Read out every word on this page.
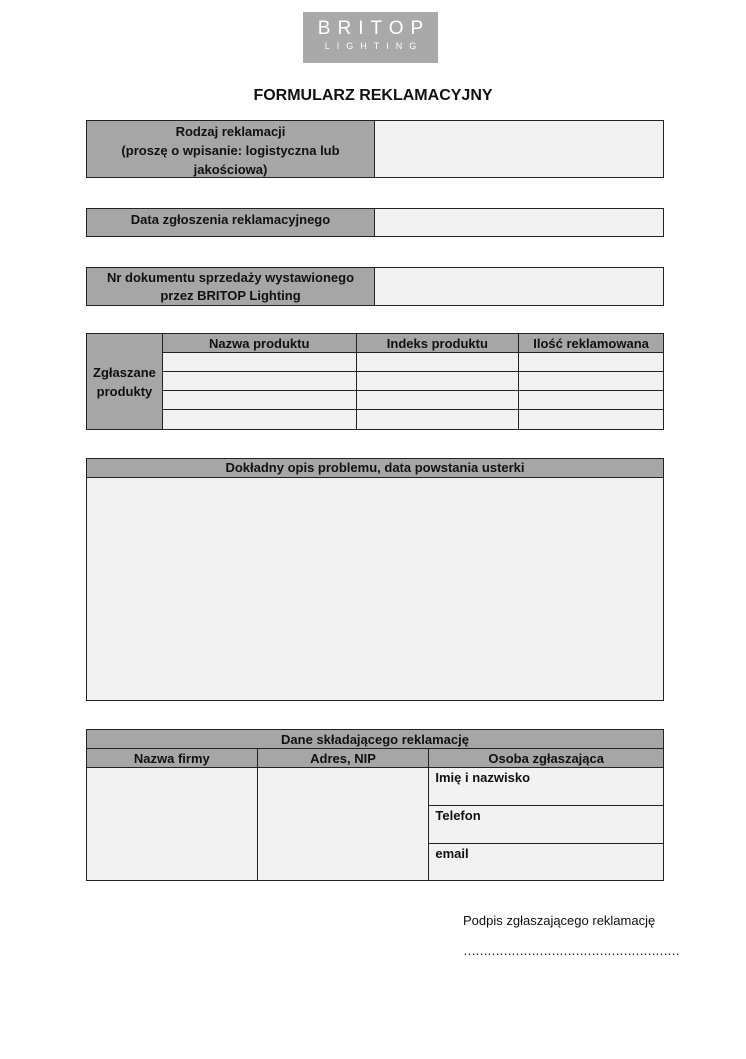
BRITOP
LIGHTING
FORMULARZ REKLAMACYJNY
Rodzaj reklamacji
(proszę o wpisanie: logistyczna lub
jakościowa)
Data zgłoszenia reklamacyjnego
Nr dokumentu sprzedaży wystawionego
przez BRITOP Lighting
Zgłaszane
produkty	Nazwa produktu	Indeks produktu	Ilość reklamowana

Dokładny opis problemu, data powstania usterki
Dane składającego reklamację		
Nazwa firmy	Adres, NIP	Osoba zgłaszająca
		Imię i nazwisko
		Telefon
		email
Podpis zgłaszającego reklamację
………………………………………………
